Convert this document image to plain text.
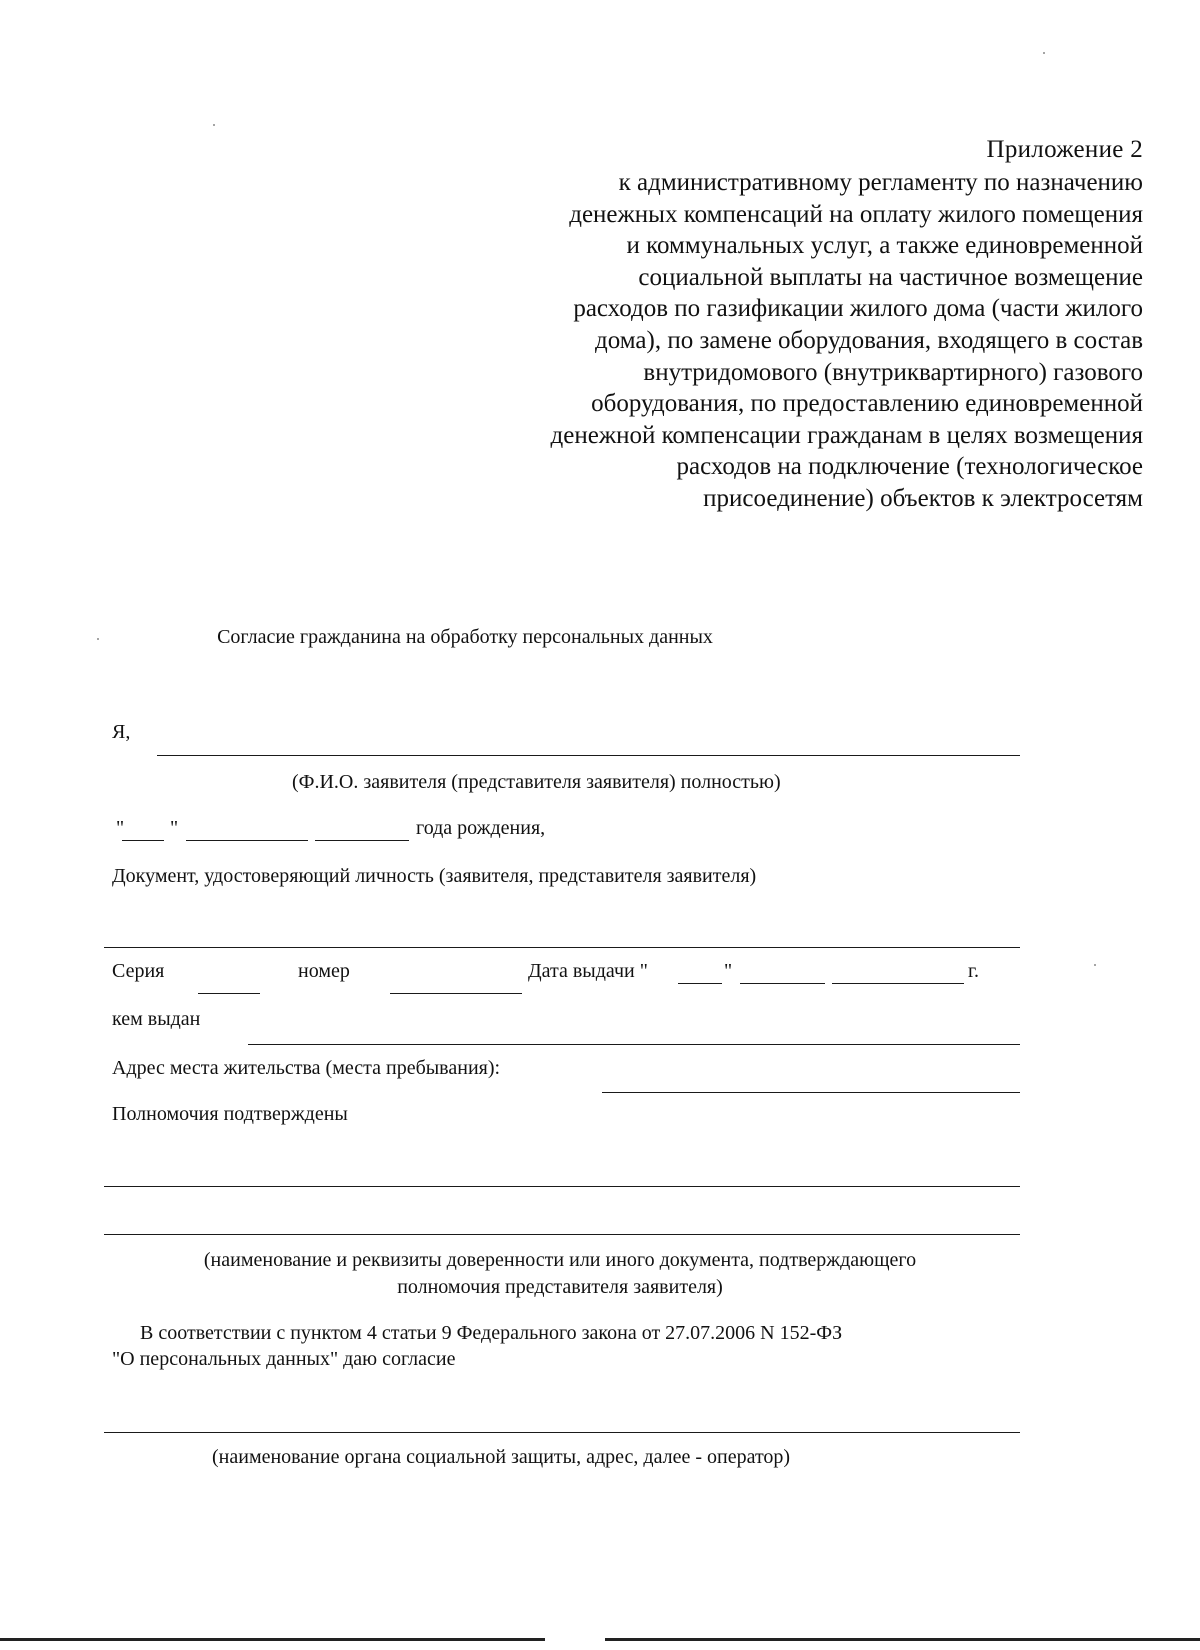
Приложение 2
к административному регламенту по назначению
денежных компенсаций на оплату жилого помещения
и коммунальных услуг, а также единовременной
социальной выплаты на частичное возмещение
расходов по газификации жилого дома (части жилого
дома), по замене оборудования, входящего в состав
внутридомового (внутриквартирного) газового
оборудования, по предоставлению единовременной
денежной компенсации гражданам в целях возмещения
расходов на подключение (технологическое
присоединение) объектов к электросетям
Согласие гражданина на обработку персональных данных
Я,
(Ф.И.О. заявителя (представителя заявителя) полностью)
" "	года рождения,
Документ, удостоверяющий личность (заявителя, представителя заявителя)
Серия	номер	Дата выдачи "	"	г.
кем выдан
Адрес места жительства (места пребывания):
Полномочия подтверждены
(наименование и реквизиты доверенности или иного документа, подтверждающего
полномочия представителя заявителя)
В соответствии с пунктом 4 статьи 9 Федерального закона от 27.07.2006 N 152-ФЗ
"О персональных данных" даю согласие
(наименование органа социальной защиты, адрес, далее - оператор)
